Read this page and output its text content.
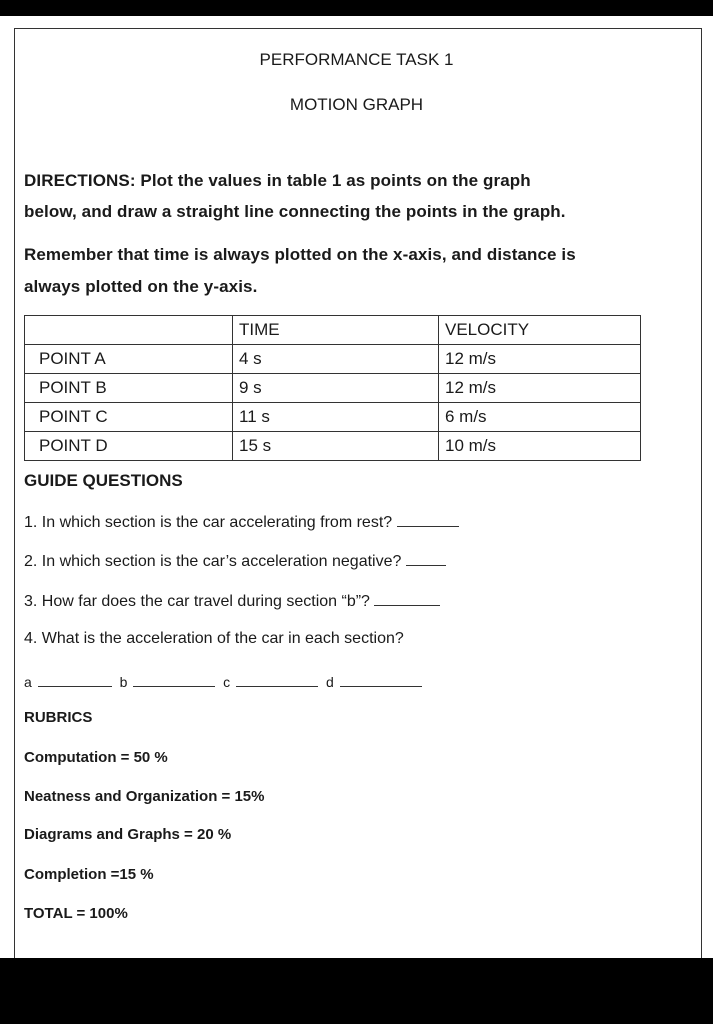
PERFORMANCE TASK 1
MOTION GRAPH
DIRECTIONS: Plot the values in table 1 as points on the graph
below, and draw a straight line connecting the points in the graph.
Remember that time is always plotted on the x-axis, and distance is
always plotted on the y-axis.
	TIME	VELOCITY
POINT A	4 s	12 m/s
POINT B	9 s	12 m/s
POINT C	11 s	6 m/s
POINT D	15 s	10 m/s
GUIDE QUESTIONS
1. In which section is the car accelerating from rest?
2. In which section is the car’s acceleration negative?
3. How far does the car travel during section “b”?
4. What is the acceleration of the car in each section?
a	b	c	d
RUBRICS
Computation = 50 %
Neatness and Organization = 15%
Diagrams and Graphs = 20 %
Completion =15 %
TOTAL = 100%
